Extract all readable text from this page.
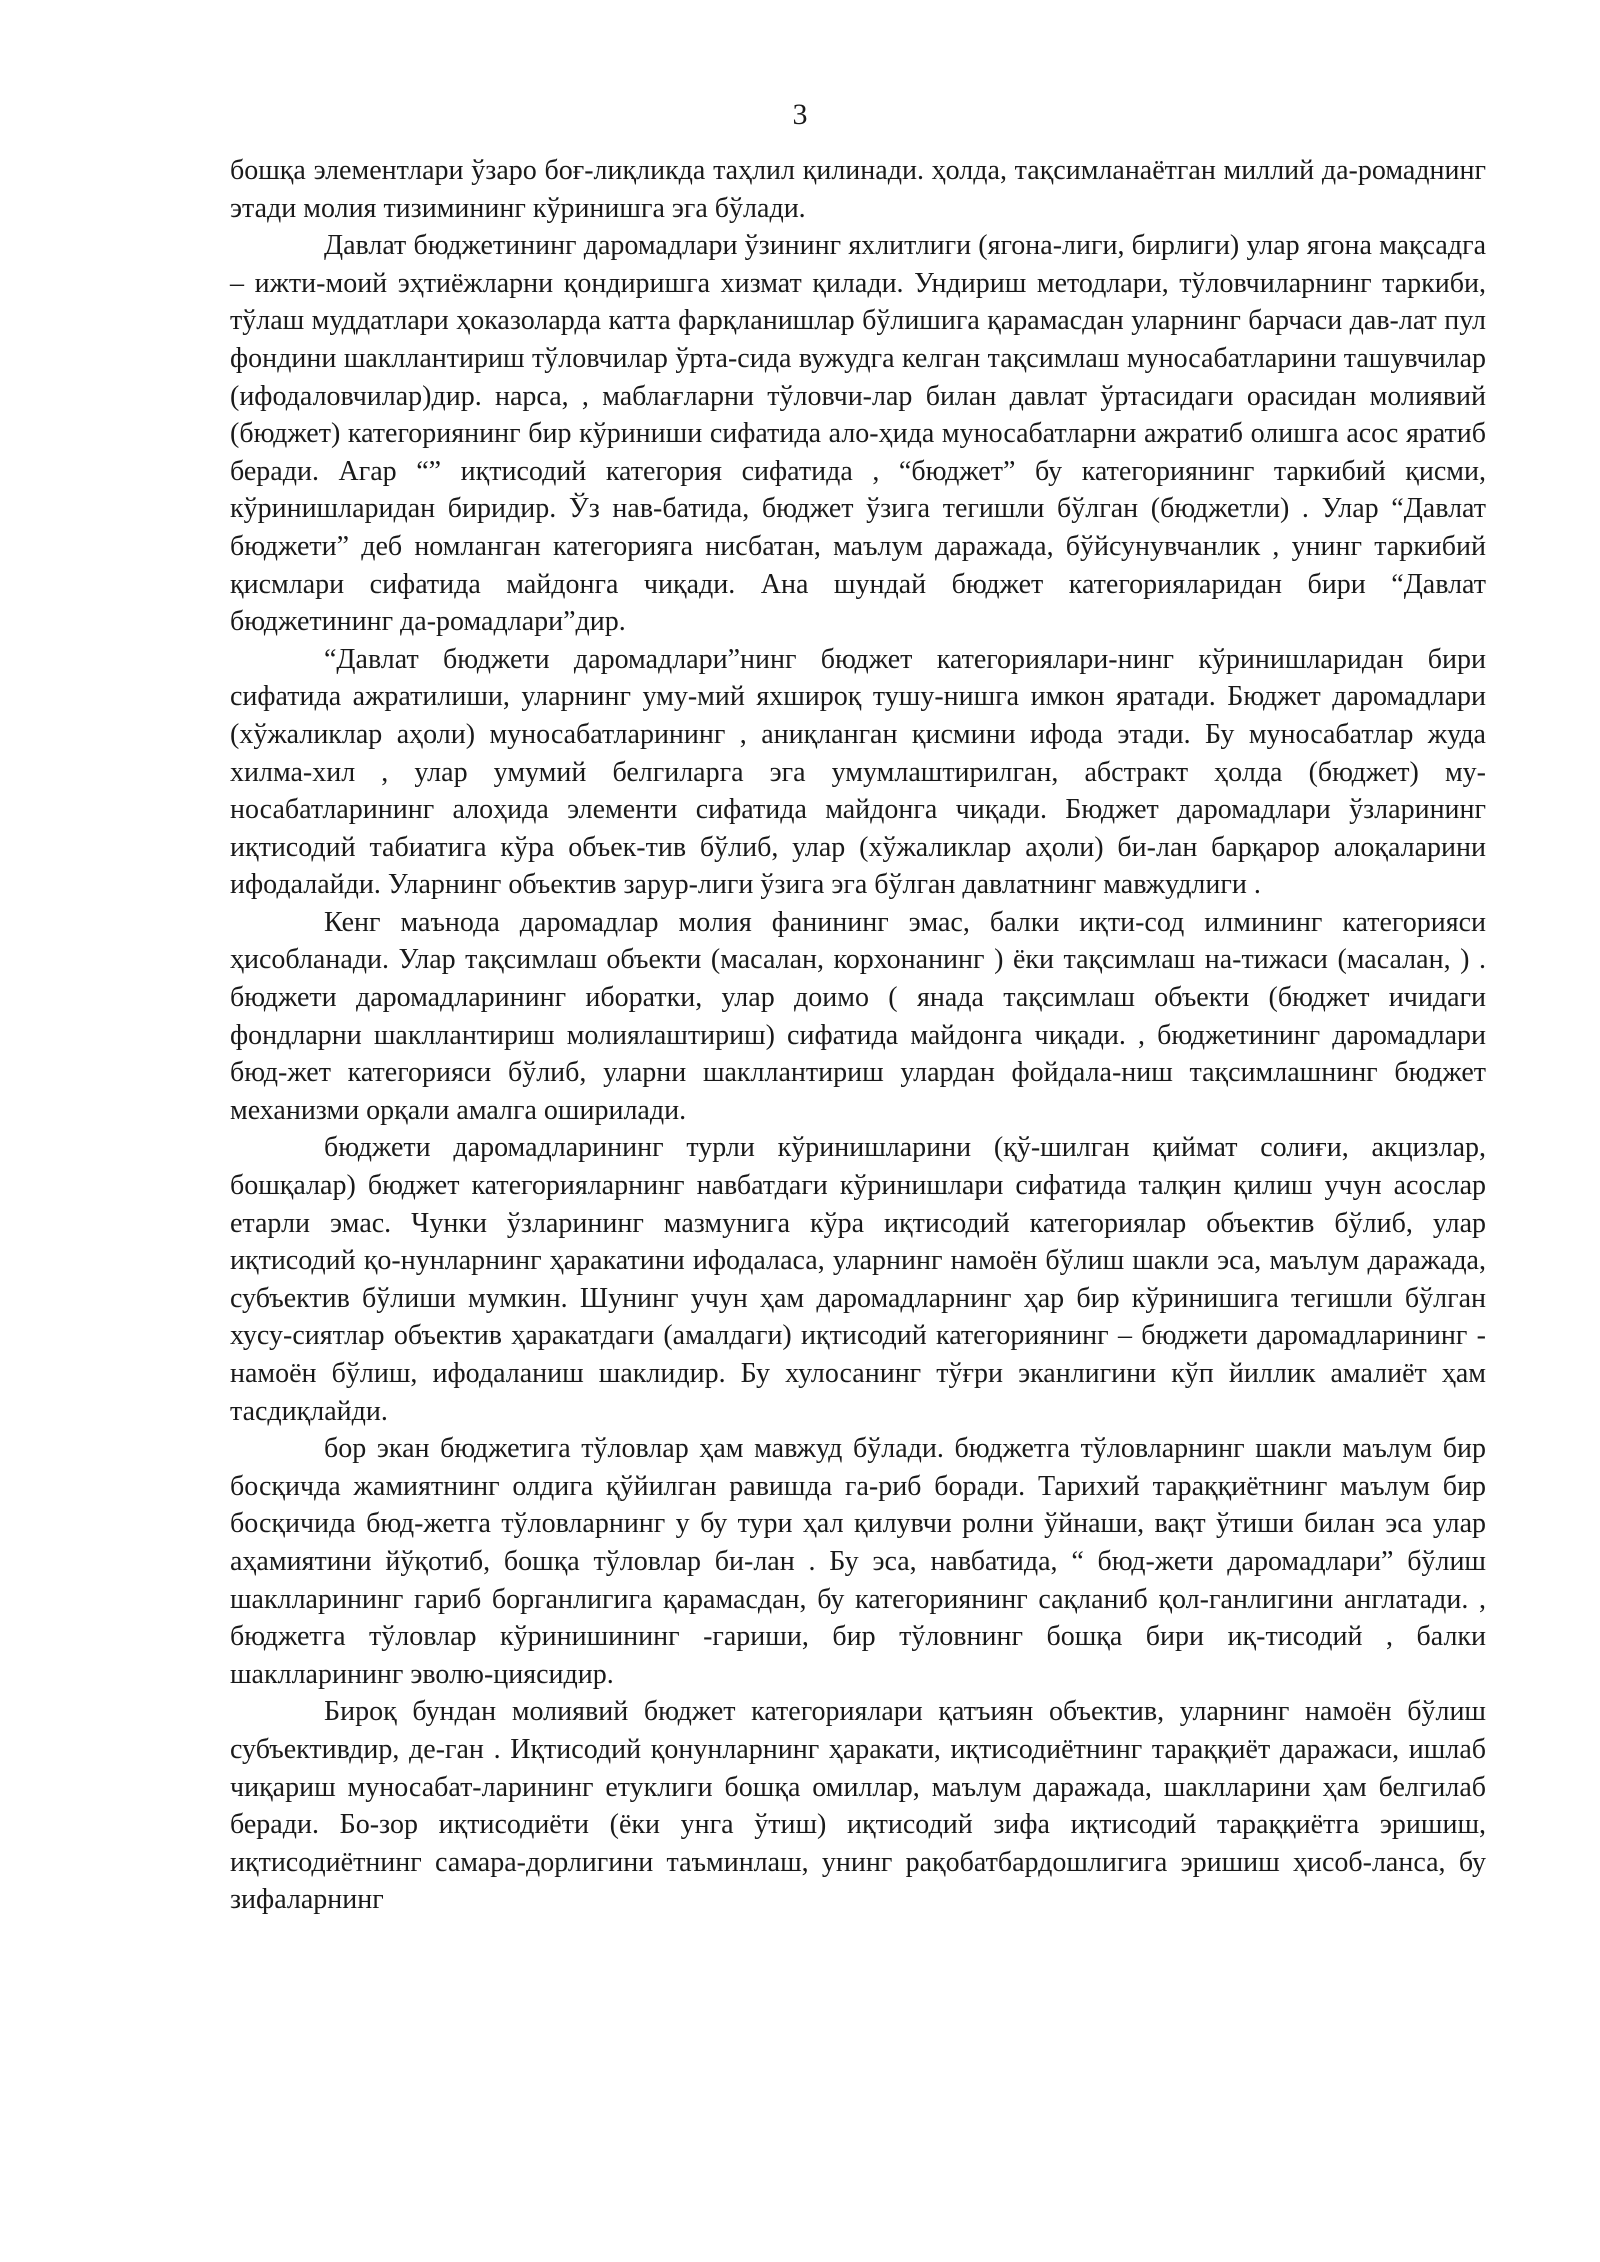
3

бошқа элементлари ўзаро боғ-лиқликда таҳлил қилинади. ҳолда, тақсимланаётган миллий да-ромаднинг этади молия тизимининг кўринишга эга бўлади.

Давлат бюджетининг даромадлари ўзининг яхлитлиги (ягона-лиги, бирлиги) улар ягона мақсадга – ижти-моий эҳтиёжларни қондиришга хизмат қилади. Ундириш методлари, тўловчиларнинг таркиби, тўлаш муддатлари ҳоказоларда катта фарқланишлар бўлишига қарамасдан уларнинг барчаси дав-лат пул фондини шакллантириш тўловчилар ўрта-сида вужудга келган тақсимлаш муносабатларини ташувчилар (ифодаловчилар)дир. нарса, , маблағларни тўловчи-лар билан давлат ўртасидаги орасидан молиявий (бюджет) категориянинг бир кўриниши сифатида ало-ҳида муносабатларни ажратиб олишга асос яратиб беради. Агар “” иқтисодий категория сифатида , “бюджет” бу категориянинг таркибий қисми, кўринишларидан биридир. Ўз нав-батида, бюджет ўзига тегишли бўлган (бюджетли) . Улар “Давлат бюджети” деб номланган категорияга нисбатан, маълум даражада, бўйсунувчанлик , унинг таркибий қисмлари сифатида майдонга чиқади. Ана шундай бюджет категорияларидан бири “Давлат бюджетининг да-ромадлари”дир.

“Давлат бюджети даромадлари”нинг бюджет категориялари-нинг кўринишларидан бири сифатида ажратилиши, уларнинг уму-мий яхшироқ тушу-нишга имкон яратади. Бюджет даромадлари (хўжаликлар аҳоли) муносабатларининг , аниқланган қисмини ифода этади. Бу муносабатлар жуда хилма-хил , улар умумий белгиларга эга умумлаштирилган, абстракт ҳолда (бюджет) му-носабатларининг алоҳида элементи сифатида майдонга чиқади. Бюджет даромадлари ўзларининг иқтисодий табиатига кўра объек-тив бўлиб, улар (хўжаликлар аҳоли) би-лан барқарор алоқаларини ифодалайди. Уларнинг объектив зарур-лиги ўзига эга бўлган давлатнинг мавжудлиги .

Кенг маънода даромадлар молия фанининг эмас, балки иқти-сод илмининг категорияси ҳисобланади. Улар тақсимлаш объекти (масалан, корхонанинг ) ёки тақсимлаш на-тижаси (масалан, ) . бюджети даромадларининг иборатки, улар доимо ( янада тақсимлаш объекти (бюджет ичидаги фондларни шакллантириш молиялаштириш) сифатида майдонга чиқади. , бюджетининг даромадлари бюд-жет категорияси бўлиб, уларни шакллантириш улардан фойдала-ниш тақсимлашнинг бюджет механизми орқали амалга оширилади.

бюджети даромадларининг турли кўринишларини (қў-шилган қиймат солиғи, акцизлар, бошқалар) бюджет категорияларнинг навбатдаги кўринишлари сифатида талқин қилиш учун асослар етарли эмас. Чунки ўзларининг мазмунига кўра иқтисодий категориялар объектив бўлиб, улар иқтисодий қо-нунларнинг ҳаракатини ифодаласа, уларнинг намоён бўлиш шакли эса, маълум даражада, субъектив бўлиши мумкин. Шунинг учун ҳам даромадларнинг ҳар бир кўринишига тегишли бўлган хусу-сиятлар объектив ҳаракатдаги (амалдаги) иқтисодий категориянинг – бюджети даромадларининг - намоён бўлиш, ифодаланиш шаклидир. Бу хулосанинг тўғри эканлигини кўп йиллик амалиёт ҳам тасдиқлайди.

бор экан бюджетига тўловлар ҳам мавжуд бўлади. бюджетга тўловларнинг шакли маълум бир босқичда жамиятнинг олдига қўйилган равишда га-риб боради. Тарихий тараққиётнинг маълум бир босқичида бюд-жетга тўловларнинг у бу тури ҳал қилувчи ролни ўйнаши, вақт ўтиши билан эса улар аҳамиятини йўқотиб, бошқа тўловлар би-лан . Бу эса, навбатида, “ бюд-жети даромадлари” бўлиш шаклларининг гариб борганлигига қарамасдан, бу категориянинг сақланиб қол-ганлигини англатади. , бюджетга тўловлар кўринишининг -гариши, бир тўловнинг бошқа бири иқ-тисодий , балки шаклларининг эволю-циясидир.

Бироқ бундан молиявий бюджет категориялари қатъиян объектив, уларнинг намоён бўлиш субъективдир, де-ган . Иқтисодий қонунларнинг ҳаракати, иқтисодиётнинг тараққиёт даражаси, ишлаб чиқариш муносабат-ларининг етуклиги бошқа омиллар, маълум даражада, шаклларини ҳам белгилаб беради. Бо-зор иқтисодиёти (ёки унга ўтиш) иқтисодий зифа иқтисодий тараққиётга эришиш, иқтисодиётнинг самара-дорлигини таъминлаш, унинг рақобатбардошлигига эришиш ҳисоб-ланса, бу зифаларнинг
